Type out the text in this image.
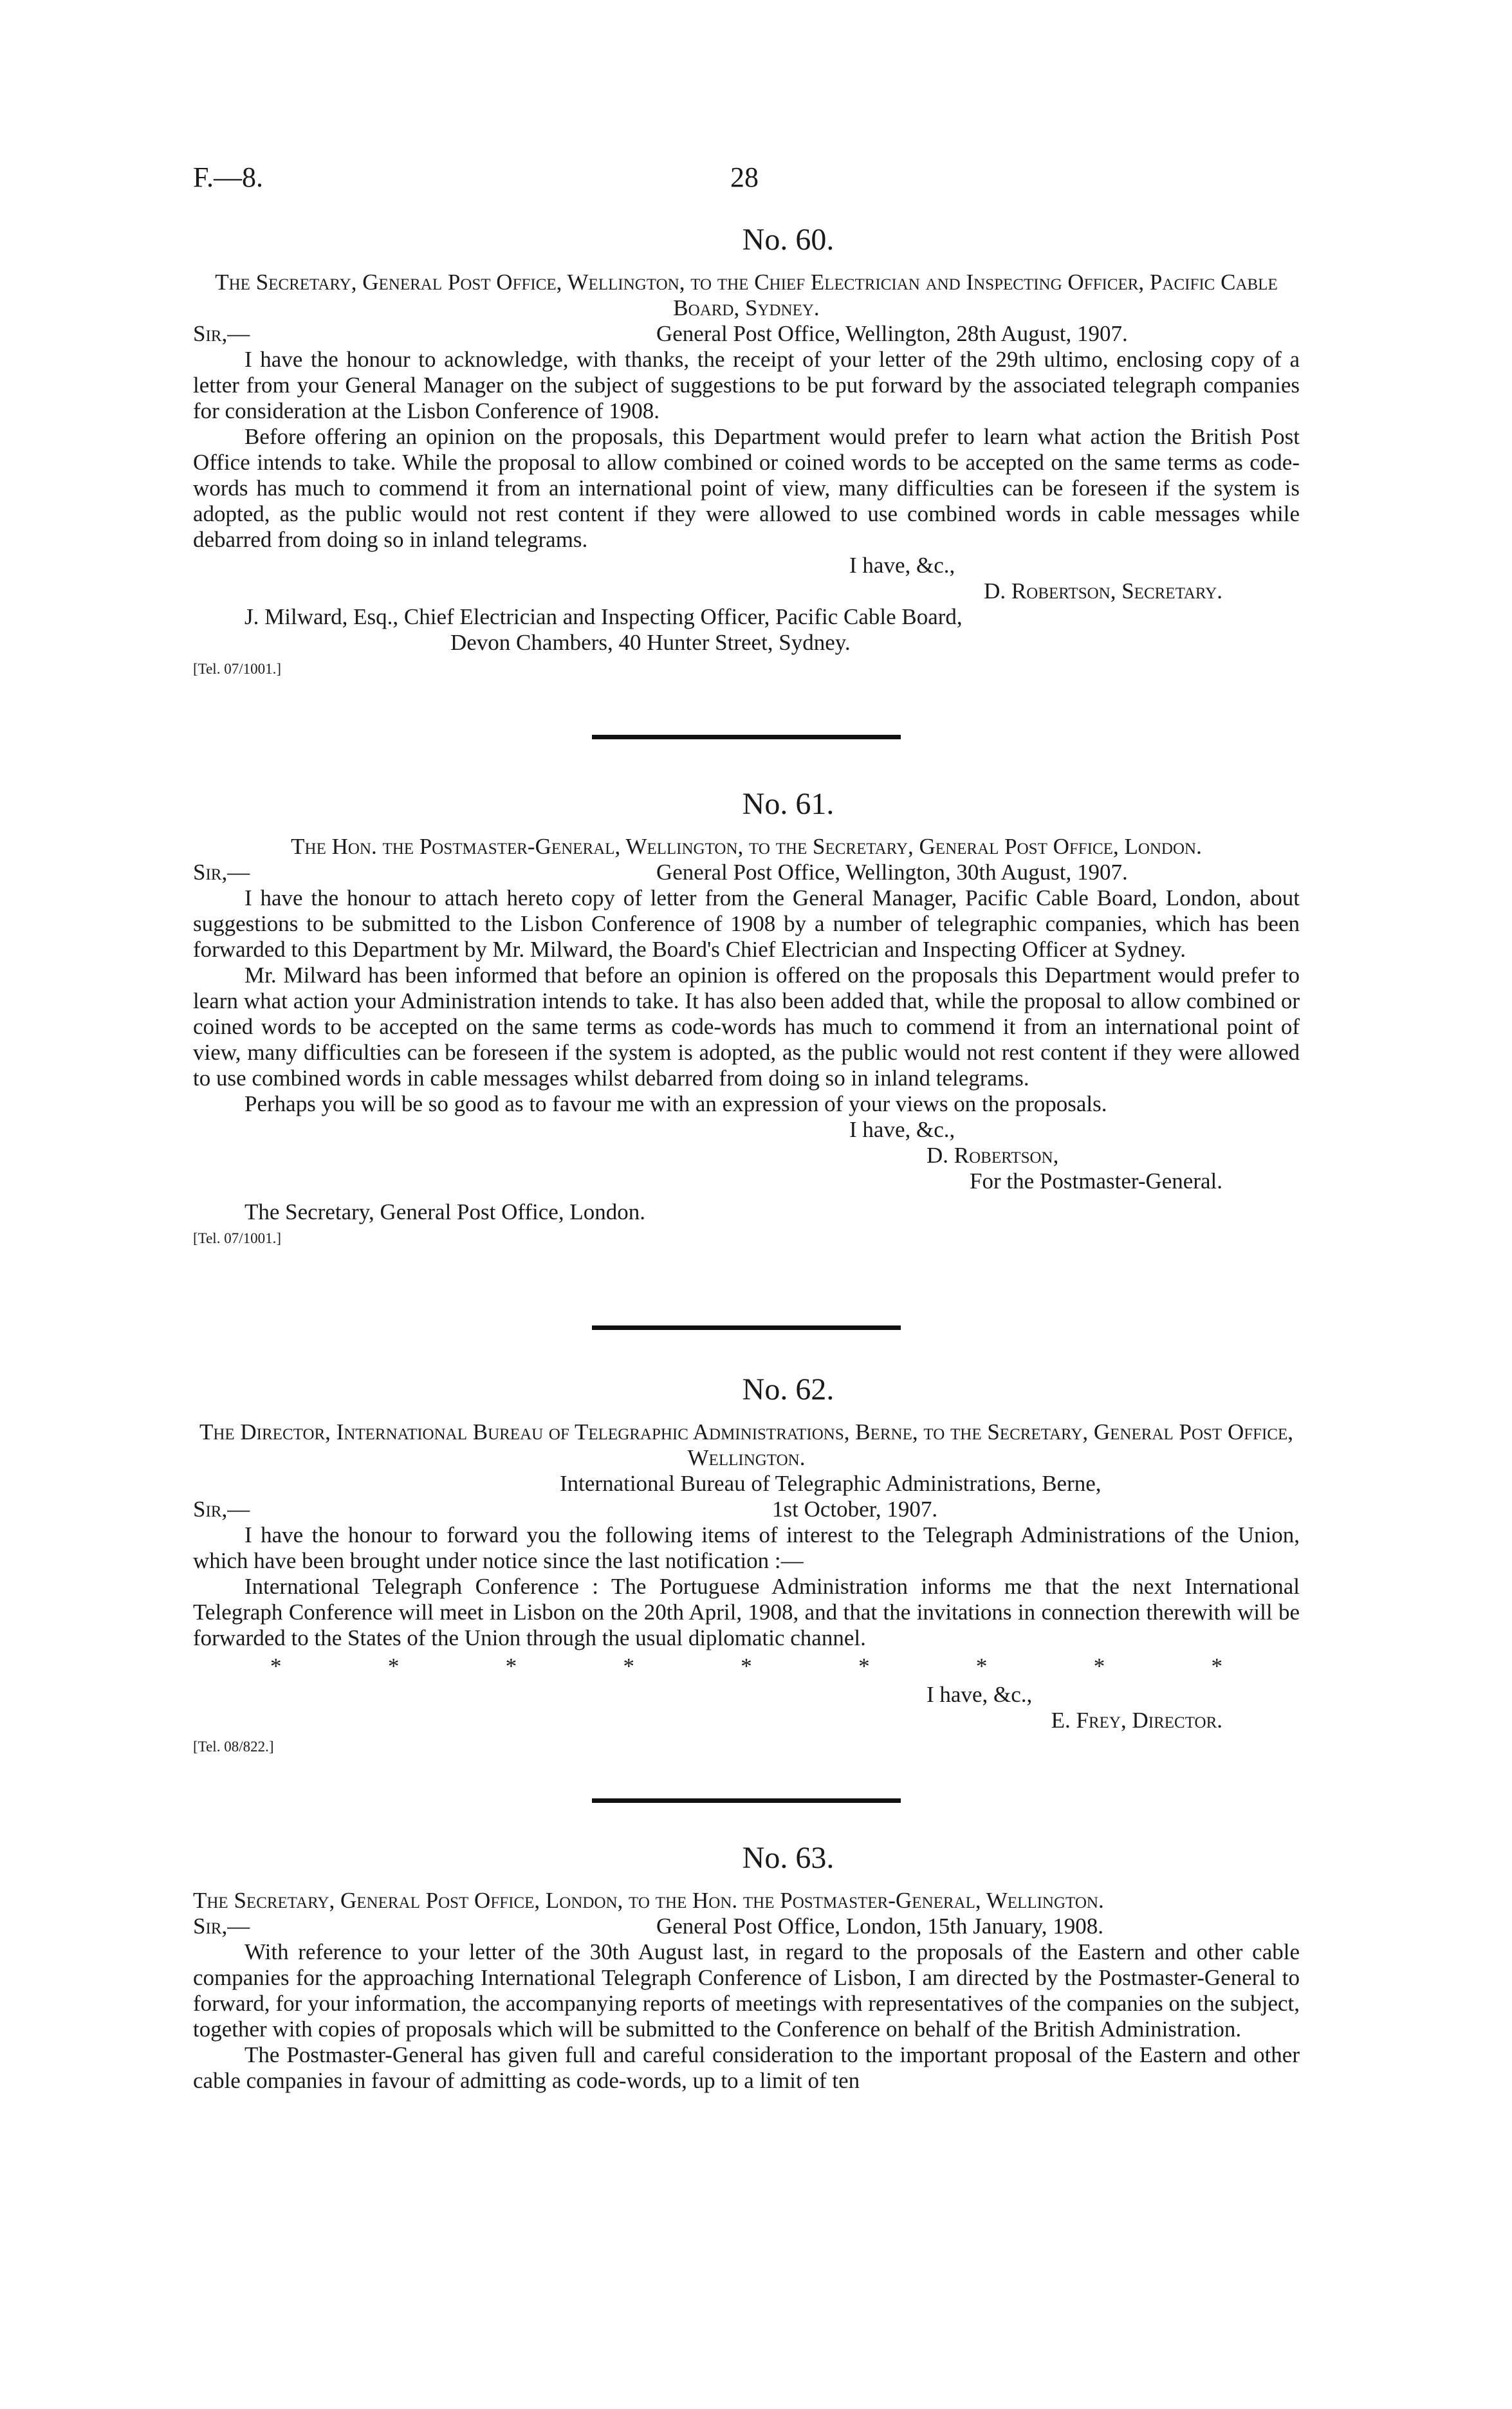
F.—8.	28
No. 60.

The Secretary, General Post Office, Wellington, to the Chief Electrician and Inspecting Officer, Pacific Cable Board, Sydney.

Sir,—	General Post Office, Wellington, 28th August, 1907.

I have the honour to acknowledge, with thanks, the receipt of your letter of the 29th ultimo, enclosing copy of a letter from your General Manager on the subject of suggestions to be put forward by the associated telegraph companies for consideration at the Lisbon Conference of 1908.

Before offering an opinion on the proposals, this Department would prefer to learn what action the British Post Office intends to take. While the proposal to allow combined or coined words to be accepted on the same terms as code-words has much to commend it from an international point of view, many difficulties can be foreseen if the system is adopted, as the public would not rest content if they were allowed to use combined words in cable messages while debarred from doing so in inland telegrams.

I have, &c.,
D. Robertson, Secretary.
J. Milward, Esq., Chief Electrician and Inspecting Officer, Pacific Cable Board,
Devon Chambers, 40 Hunter Street, Sydney.
[Tel. 07/1001.]
No. 61.

The Hon. the Postmaster-General, Wellington, to the Secretary, General Post Office, London.

Sir,—	General Post Office, Wellington, 30th August, 1907.

I have the honour to attach hereto copy of letter from the General Manager, Pacific Cable Board, London, about suggestions to be submitted to the Lisbon Conference of 1908 by a number of telegraphic companies, which has been forwarded to this Department by Mr. Milward, the Board's Chief Electrician and Inspecting Officer at Sydney.

Mr. Milward has been informed that before an opinion is offered on the proposals this Department would prefer to learn what action your Administration intends to take. It has also been added that, while the proposal to allow combined or coined words to be accepted on the same terms as code-words has much to commend it from an international point of view, many difficulties can be foreseen if the system is adopted, as the public would not rest content if they were allowed to use combined words in cable messages whilst debarred from doing so in inland telegrams.

Perhaps you will be so good as to favour me with an expression of your views on the proposals.

I have, &c.,
D. Robertson,
For the Postmaster-General.
The Secretary, General Post Office, London.
[Tel. 07/1001.]
No. 62.

The Director, International Bureau of Telegraphic Administrations, Berne, to the Secretary, General Post Office, Wellington.

International Bureau of Telegraphic Administrations, Berne,
Sir,—	1st October, 1907.

I have the honour to forward you the following items of interest to the Telegraph Administrations of the Union, which have been brought under notice since the last notification :—

International Telegraph Conference : The Portuguese Administration informs me that the next International Telegraph Conference will meet in Lisbon on the 20th April, 1908, and that the invitations in connection therewith will be forwarded to the States of the Union through the usual diplomatic channel.

*	*	*	*	*	*	*	*	*
I have, &c.,
E. Frey, Director.
[Tel. 08/822.]
No. 63.

The Secretary, General Post Office, London, to the Hon. the Postmaster-General, Wellington.

Sir,—	General Post Office, London, 15th January, 1908.

With reference to your letter of the 30th August last, in regard to the proposals of the Eastern and other cable companies for the approaching International Telegraph Conference of Lisbon, I am directed by the Postmaster-General to forward, for your information, the accompanying reports of meetings with representatives of the companies on the subject, together with copies of proposals which will be submitted to the Conference on behalf of the British Administration.

The Postmaster-General has given full and careful consideration to the important proposal of the Eastern and other cable companies in favour of admitting as code-words, up to a limit of ten
